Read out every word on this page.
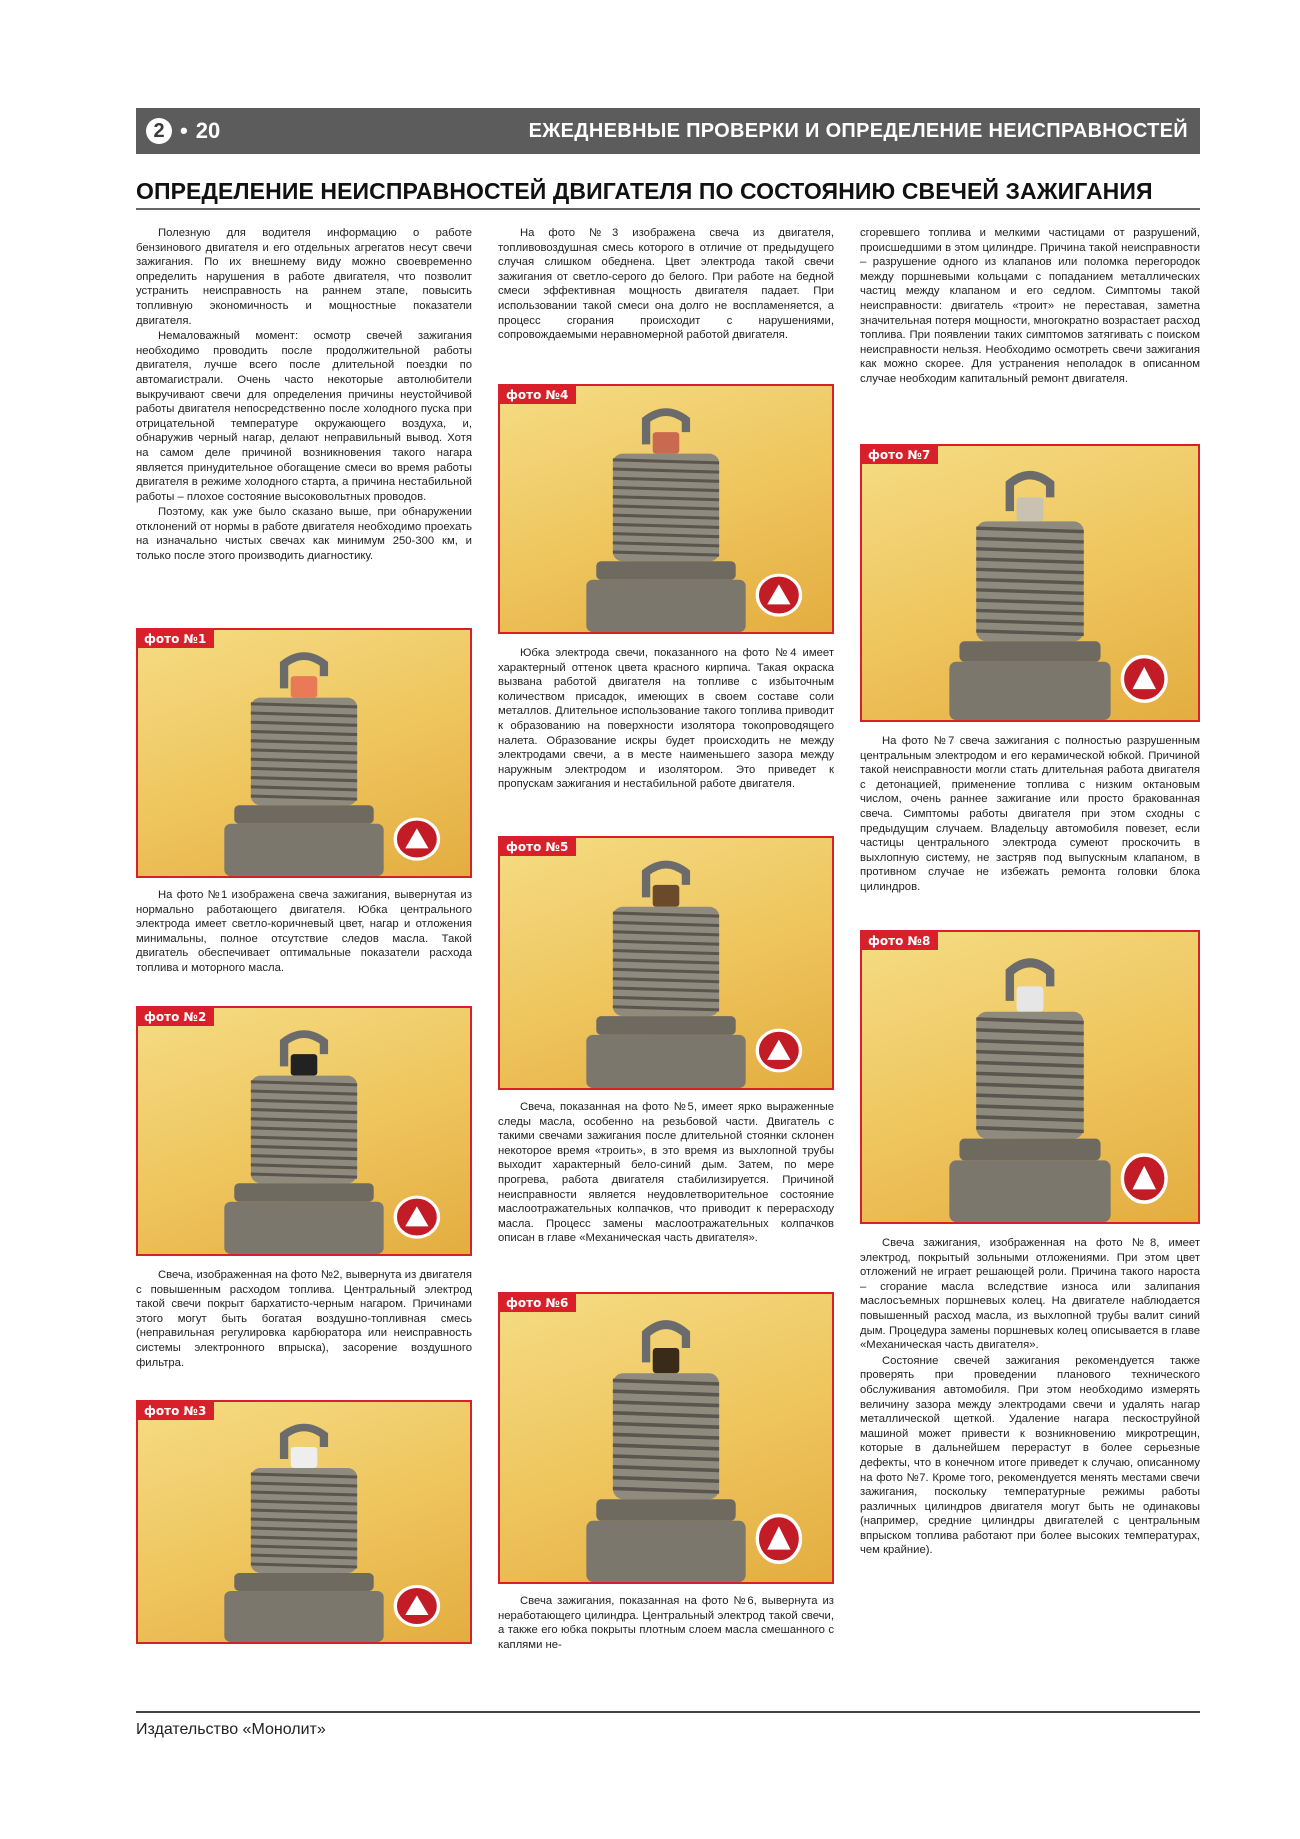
2 • 20	ЕЖЕДНЕВНЫЕ ПРОВЕРКИ И ОПРЕДЕЛЕНИЕ НЕИСПРАВНОСТЕЙ
ОПРЕДЕЛЕНИЕ НЕИСПРАВНОСТЕЙ ДВИГАТЕЛЯ ПО СОСТОЯНИЮ СВЕЧЕЙ ЗАЖИГАНИЯ

Полезную для водителя информацию о работе бензинового двигателя и его отдельных агрегатов несут свечи зажигания. По их внешнему виду можно своевременно определить нарушения в работе двигателя, что позволит устранить неисправность на раннем этапе, повысить топливную экономичность и мощностные показатели двигателя.

Немаловажный момент: осмотр свечей зажигания необходимо проводить после продолжительной работы двигателя, лучше всего после длительной поездки по автомагистрали. Очень часто некоторые автолюбители выкручивают свечи для определения причины неустойчивой работы двигателя непосредственно после холодного пуска при отрицательной температуре окружающего воздуха, и, обнаружив черный нагар, делают неправильный вывод. Хотя на самом деле причиной возникновения такого нагара является принудительное обогащение смеси во время работы двигателя в режиме холодного старта, а причина нестабильной работы – плохое состояние высоковольтных проводов.

Поэтому, как уже было сказано выше, при обнаружении отклонений от нормы в работе двигателя необходимо проехать на изначально чистых свечах как минимум 250-300 км, и только после этого производить диагностику.

фото №1

На фото №1 изображена свеча зажигания, вывернутая из нормально работающего двигателя. Юбка центрального электрода имеет светло-коричневый цвет, нагар и отложения минимальны, полное отсутствие следов масла. Такой двигатель обеспечивает оптимальные показатели расхода топлива и моторного масла.

фото №2

Свеча, изображенная на фото №2, вывернута из двигателя с повышенным расходом топлива. Центральный электрод такой свечи покрыт бархатисто-черным нагаром. Причинами этого могут быть богатая воздушно-топливная смесь (неправильная регулировка карбюратора или неисправность системы электронного впрыска), засорение воздушного фильтра.

фото №3

На фото №3 изображена свеча из двигателя, топливовоздушная смесь которого в отличие от предыдущего случая слишком обеднена. Цвет электрода такой свечи зажигания от светло-серого до белого. При работе на бедной смеси эффективная мощность двигателя падает. При использовании такой смеси она долго не воспламеняется, а процесс сгорания происходит с нарушениями, сопровождаемыми неравномерной работой двигателя.

фото №4

Юбка электрода свечи, показанного на фото №4 имеет характерный оттенок цвета красного кирпича. Такая окраска вызвана работой двигателя на топливе с избыточным количеством присадок, имеющих в своем составе соли металлов. Длительное использование такого топлива приводит к образованию на поверхности изолятора токопроводящего налета. Образование искры будет происходить не между электродами свечи, а в месте наименьшего зазора между наружным электродом и изолятором. Это приведет к пропускам зажигания и нестабильной работе двигателя.

фото №5

Свеча, показанная на фото №5, имеет ярко выраженные следы масла, особенно на резьбовой части. Двигатель с такими свечами зажигания после длительной стоянки склонен некоторое время «троить», в это время из выхлопной трубы выходит характерный бело-синий дым. Затем, по мере прогрева, работа двигателя стабилизируется. Причиной неисправности является неудовлетворительное состояние маслоотражательных колпачков, что приводит к перерасходу масла. Процесс замены маслоотражательных колпачков описан в главе «Механическая часть двигателя».

фото №6

Свеча зажигания, показанная на фото №6, вывернута из неработающего цилиндра. Центральный электрод такой свечи, а также его юбка покрыты плотным слоем масла смешанного с каплями не-

сгоревшего топлива и мелкими частицами от разрушений, происшедшими в этом цилиндре. Причина такой неисправности – разрушение одного из клапанов или поломка перегородок между поршневыми кольцами с попаданием металлических частиц между клапаном и его седлом. Симптомы такой неисправности: двигатель «троит» не переставая, заметна значительная потеря мощности, многократно возрастает расход топлива. При появлении таких симптомов затягивать с поиском неисправности нельзя. Необходимо осмотреть свечи зажигания как можно скорее. Для устранения неполадок в описанном случае необходим капитальный ремонт двигателя.

фото №7

На фото №7 свеча зажигания с полностью разрушенным центральным электродом и его керамической юбкой. Причиной такой неисправности могли стать длительная работа двигателя с детонацией, применение топлива с низким октановым числом, очень раннее зажигание или просто бракованная свеча. Симптомы работы двигателя при этом сходны с предыдущим случаем. Владельцу автомобиля повезет, если частицы центрального электрода сумеют проскочить в выхлопную систему, не застряв под выпускным клапаном, в противном случае не избежать ремонта головки блока цилиндров.

фото №8

Свеча зажигания, изображенная на фото №8, имеет электрод, покрытый зольными отложениями. При этом цвет отложений не играет решающей роли. Причина такого нароста – сгорание масла вследствие износа или залипания маслосъемных поршневых колец. На двигателе наблюдается повышенный расход масла, из выхлопной трубы валит синий дым. Процедура замены поршневых колец описывается в главе «Механическая часть двигателя».

Состояние свечей зажигания рекомендуется также проверять при проведении планового технического обслуживания автомобиля. При этом необходимо измерять величину зазора между электродами свечи и удалять нагар металлической щеткой. Удаление нагара пескоструйной машиной может привести к возникновению микротрещин, которые в дальнейшем перерастут в более серьезные дефекты, что в конечном итоге приведет к случаю, описанному на фото №7. Кроме того, рекомендуется менять местами свечи зажигания, поскольку температурные режимы работы различных цилиндров двигателя могут быть не одинаковы (например, средние цилиндры двигателей с центральным впрыском топлива работают при более высоких температурах, чем крайние).

Издательство «Монолит»
